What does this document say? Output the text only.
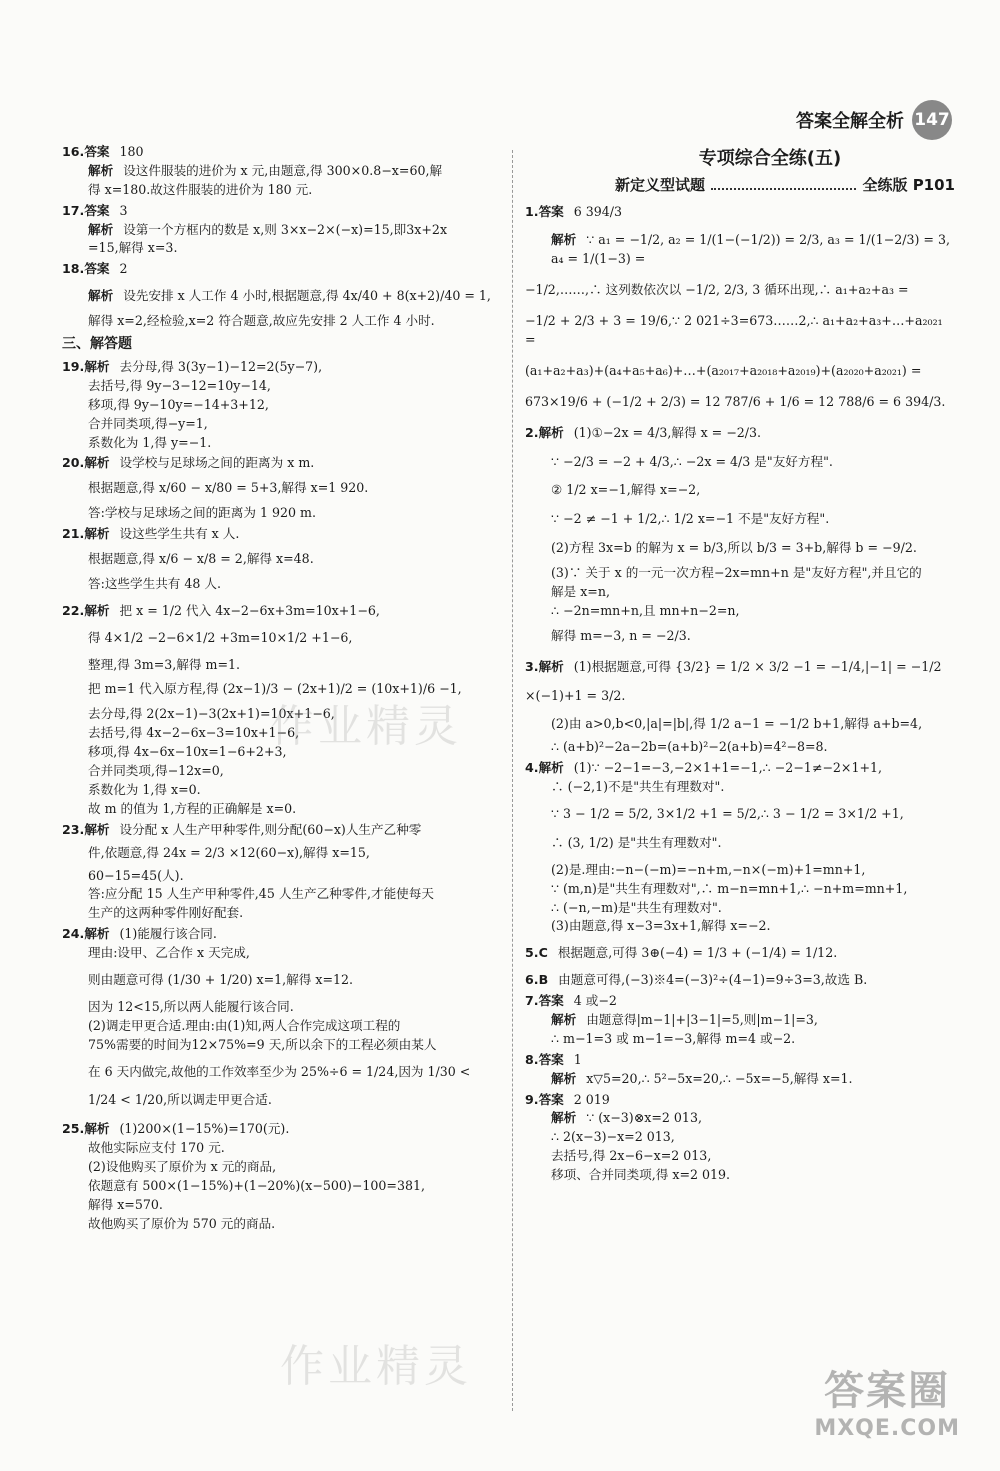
答案全解全析 147
16.答案 180
解析 设这件服装的进价为 x 元,由题意,得 300×0.8−x=60,解
得 x=180.故这件服装的进价为 180 元.
17.答案 3
解析 设第一个方框内的数是 x,则 3×x−2×(−x)=15,即3x+2x
=15,解得 x=3.
18.答案 2
解析 设先安排 x 人工作 4 小时,根据题意,得 4x/40 + 8(x+2)/40 = 1,
解得 x=2,经检验,x=2 符合题意,故应先安排 2 人工作 4 小时.
三、解答题
19.解析 去分母,得 3(3y−1)−12=2(5y−7),
去括号,得 9y−3−12=10y−14,
移项,得 9y−10y=−14+3+12,
合并同类项,得−y=1,
系数化为 1,得 y=−1.
20.解析 设学校与足球场之间的距离为 x m.
根据题意,得 x/60 − x/80 = 5+3,解得 x=1 920.
答:学校与足球场之间的距离为 1 920 m.
21.解析 设这些学生共有 x 人.
根据题意,得 x/6 − x/8 = 2,解得 x=48.
答:这些学生共有 48 人.
22.解析 把 x = 1/2 代入 4x−2−6x+3m=10x+1−6,
得 4×1/2 −2−6×1/2 +3m=10×1/2 +1−6,
整理,得 3m=3,解得 m=1.
把 m=1 代入原方程,得 (2x−1)/3 − (2x+1)/2 = (10x+1)/6 −1,
去分母,得 2(2x−1)−3(2x+1)=10x+1−6,
去括号,得 4x−2−6x−3=10x+1−6,
移项,得 4x−6x−10x=1−6+2+3,
合并同类项,得−12x=0,
系数化为 1,得 x=0.
故 m 的值为 1,方程的正确解是 x=0.
23.解析 设分配 x 人生产甲种零件,则分配(60−x)人生产乙种零
件,依题意,得 24x = 2/3 ×12(60−x),解得 x=15,
60−15=45(人).
答:应分配 15 人生产甲种零件,45 人生产乙种零件,才能使每天
生产的这两种零件刚好配套.
24.解析 (1)能履行该合同.
理由:设甲、乙合作 x 天完成,
则由题意可得 (1/30 + 1/20) x=1,解得 x=12.
因为 12<15,所以两人能履行该合同.
(2)调走甲更合适.理由:由(1)知,两人合作完成这项工程的
75%需要的时间为12×75%=9 天,所以余下的工程必须由某人
在 6 天内做完,故他的工作效率至少为 25%÷6 = 1/24,因为 1/30 <
1/24 < 1/20,所以调走甲更合适.
25.解析 (1)200×(1−15%)=170(元).
故他实际应支付 170 元.
(2)设他购买了原价为 x 元的商品,
依题意有 500×(1−15%)+(1−20%)(x−500)−100=381,
解得 x=570.
故他购买了原价为 570 元的商品.
专项综合全练(五)
新定义型试题	全练版 P101
1.答案 6 394/3
解析 ∵ a₁ = −1/2, a₂ = 1/(1−(−1/2)) = 2/3, a₃ = 1/(1−2/3) = 3, a₄ = 1/(1−3) =
−1/2,……,∴ 这列数依次以 −1/2, 2/3, 3 循环出现,∴ a₁+a₂+a₃ =
−1/2 + 2/3 + 3 = 19/6,∵ 2 021÷3=673……2,∴ a₁+a₂+a₃+…+a₂₀₂₁ =
(a₁+a₂+a₃)+(a₄+a₅+a₆)+…+(a₂₀₁₇+a₂₀₁₈+a₂₀₁₉)+(a₂₀₂₀+a₂₀₂₁) =
673×19/6 + (−1/2 + 2/3) = 12 787/6 + 1/6 = 12 788/6 = 6 394/3.
2.解析 (1)①−2x = 4/3,解得 x = −2/3.
∵ −2/3 = −2 + 4/3,∴ −2x = 4/3 是"友好方程".
② 1/2 x=−1,解得 x=−2,
∵ −2 ≠ −1 + 1/2,∴ 1/2 x=−1 不是"友好方程".
(2)方程 3x=b 的解为 x = b/3,所以 b/3 = 3+b,解得 b = −9/2.
(3)∵ 关于 x 的一元一次方程−2x=mn+n 是"友好方程",并且它的
解是 x=n,
∴ −2n=mn+n,且 mn+n−2=n,
解得 m=−3, n = −2/3.
3.解析 (1)根据题意,可得 {3/2} = 1/2 × 3/2 −1 = −1/4,|−1| = −1/2
×(−1)+1 = 3/2.
(2)由 a>0,b<0,|a|=|b|,得 1/2 a−1 = −1/2 b+1,解得 a+b=4,
∴ (a+b)²−2a−2b=(a+b)²−2(a+b)=4²−8=8.
4.解析 (1)∵ −2−1=−3,−2×1+1=−1,∴ −2−1≠−2×1+1,
∴ (−2,1)不是"共生有理数对".
∵ 3 − 1/2 = 5/2, 3×1/2 +1 = 5/2,∴ 3 − 1/2 = 3×1/2 +1,
∴ (3, 1/2) 是"共生有理数对".
(2)是.理由:−n−(−m)=−n+m,−n×(−m)+1=mn+1,
∵ (m,n)是"共生有理数对",∴ m−n=mn+1,∴ −n+m=mn+1,
∴ (−n,−m)是"共生有理数对".
(3)由题意,得 x−3=3x+1,解得 x=−2.
5.C 根据题意,可得 3⊕(−4) = 1/3 + (−1/4) = 1/12.
6.B 由题意可得,(−3)※4=(−3)²÷(4−1)=9÷3=3,故选 B.
7.答案 4 或−2
解析 由题意得|m−1|+|3−1|=5,则|m−1|=3,
∴ m−1=3 或 m−1=−3,解得 m=4 或−2.
8.答案 1
解析 x▽5=20,∴ 5²−5x=20,∴ −5x=−5,解得 x=1.
9.答案 2 019
解析 ∵ (x−3)⊗x=2 013,
∴ 2(x−3)−x=2 013,
去括号,得 2x−6−x=2 013,
移项、合并同类项,得 x=2 019.
作业精灵
作业精灵	答案圈
MXQE.COM
